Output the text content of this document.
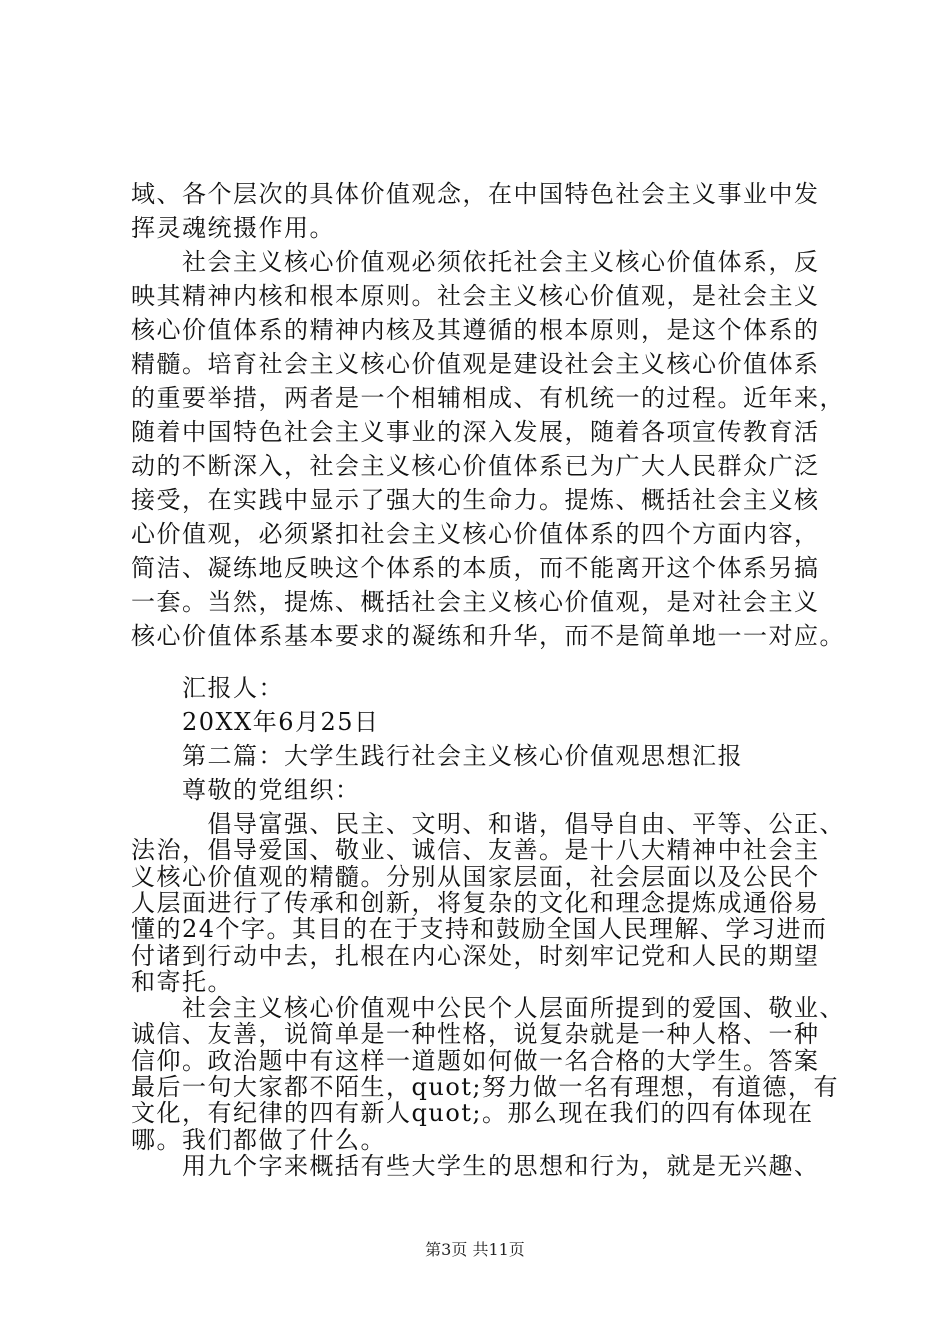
域、各个层次的具体价值观念，在中国特色社会主义事业中发
挥灵魂统摄作用。
　　社会主义核心价值观必须依托社会主义核心价值体系，反
映其精神内核和根本原则。社会主义核心价值观，是社会主义
核心价值体系的精神内核及其遵循的根本原则，是这个体系的
精髓。培育社会主义核心价值观是建设社会主义核心价值体系
的重要举措，两者是一个相辅相成、有机统一的过程。近年来，
随着中国特色社会主义事业的深入发展，随着各项宣传教育活
动的不断深入，社会主义核心价值体系已为广大人民群众广泛
接受，在实践中显示了强大的生命力。提炼、概括社会主义核
心价值观，必须紧扣社会主义核心价值体系的四个方面内容，
简洁、凝练地反映这个体系的本质，而不能离开这个体系另搞
一套。当然，提炼、概括社会主义核心价值观，是对社会主义
核心价值体系基本要求的凝练和升华，而不是简单地一一对应。
　　汇报人：
　　20XX年6月25日
　　第二篇：大学生践行社会主义核心价值观思想汇报
　　尊敬的党组织：
　　　倡导富强、民主、文明、和谐，倡导自由、平等、公正、
法治，倡导爱国、敬业、诚信、友善。是十八大精神中社会主
义核心价值观的精髓。分别从国家层面，社会层面以及公民个
人层面进行了传承和创新，将复杂的文化和理念提炼成通俗易
懂的24个字。其目的在于支持和鼓励全国人民理解、学习进而
付诸到行动中去，扎根在内心深处，时刻牢记党和人民的期望
和寄托。
　　社会主义核心价值观中公民个人层面所提到的爱国、敬业、
诚信、友善，说简单是一种性格，说复杂就是一种人格、一种
信仰。政治题中有这样一道题如何做一名合格的大学生。答案
最后一句大家都不陌生，quot;努力做一名有理想，有道德，有
文化，有纪律的四有新人quot;。那么现在我们的四有体现在
哪。我们都做了什么。
第3页 共11页
　　用九个字来概括有些大学生的思想和行为，就是无兴趣、
